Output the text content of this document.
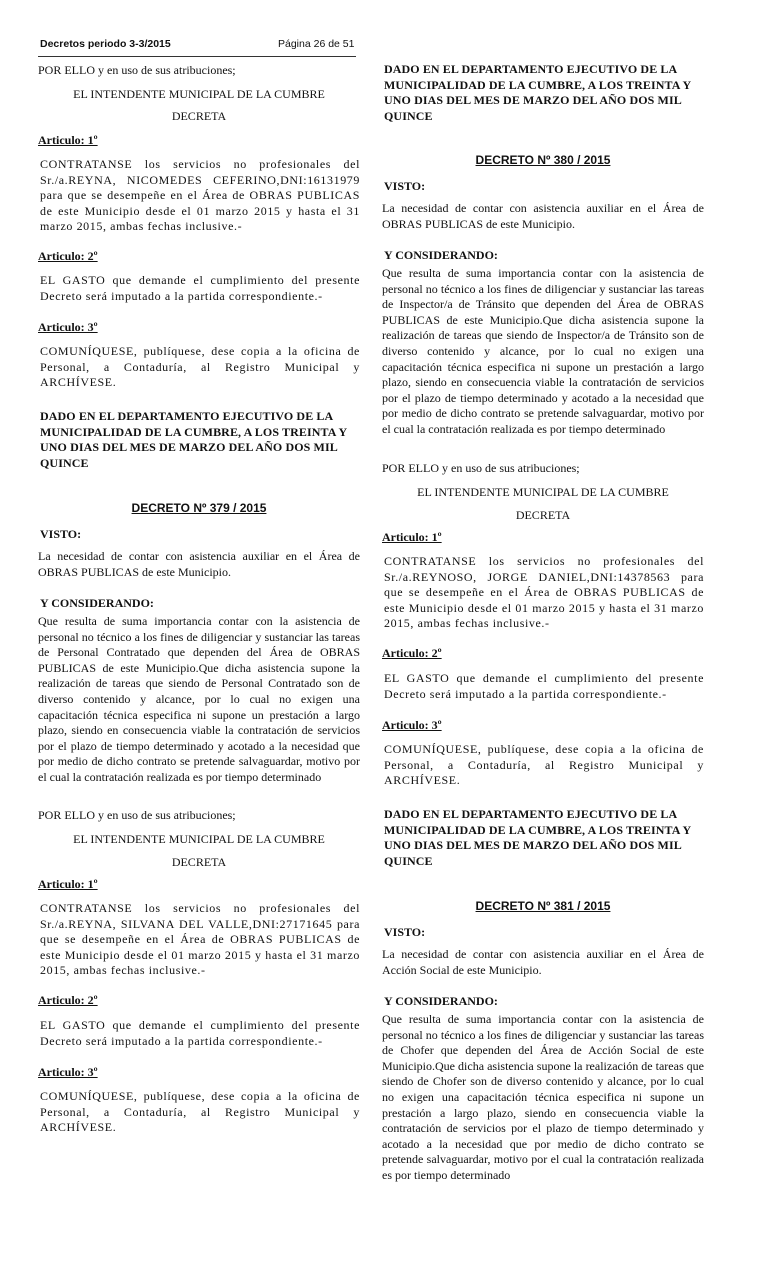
Decretos periodo 3-3/2015	Página 26 de 51

POR ELLO y en uso de sus atribuciones;

EL INTENDENTE MUNICIPAL DE LA CUMBRE

DECRETA

Articulo: 1º

CONTRATANSE los servicios no profesionales del Sr./a.REYNA, NICOMEDES CEFERINO,DNI:16131979 para que se desempeñe en el Área de OBRAS PUBLICAS de este Municipio desde el 01 marzo 2015 y hasta el 31 marzo 2015, ambas fechas inclusive.-

Articulo: 2º

EL GASTO que demande el cumplimiento del presente Decreto será imputado a la partida correspondiente.-

Articulo: 3º

COMUNÍQUESE, publíquese, dese copia a la oficina de Personal, a Contaduría, al Registro Municipal y ARCHÍVESE.

DADO EN EL DEPARTAMENTO EJECUTIVO DE LA MUNICIPALIDAD DE LA CUMBRE, A LOS TREINTA Y UNO DIAS DEL MES DE MARZO DEL AÑO DOS MIL QUINCE

DECRETO Nº 379 / 2015

VISTO:

La necesidad de contar con asistencia auxiliar en el Área de OBRAS PUBLICAS de este Municipio.

Y CONSIDERANDO:

Que resulta de suma importancia contar con la asistencia de personal no técnico a los fines de diligenciar y sustanciar las tareas de Personal Contratado que dependen del Área de OBRAS PUBLICAS de este Municipio.Que dicha asistencia supone la realización de tareas que siendo de Personal Contratado son de diverso contenido y alcance, por lo cual no exigen una capacitación técnica especifica ni supone un prestación a largo plazo, siendo en consecuencia viable la contratación de servicios por el plazo de tiempo determinado y acotado a la necesidad que por medio de dicho contrato se pretende salvaguardar, motivo por el cual la contratación realizada es por tiempo determinado

POR ELLO y en uso de sus atribuciones;

EL INTENDENTE MUNICIPAL DE LA CUMBRE

DECRETA

Articulo: 1º

CONTRATANSE los servicios no profesionales del Sr./a.REYNA, SILVANA DEL VALLE,DNI:27171645 para que se desempeñe en el Área de OBRAS PUBLICAS de este Municipio desde el 01 marzo 2015 y hasta el 31 marzo 2015, ambas fechas inclusive.-

Articulo: 2º

EL GASTO que demande el cumplimiento del presente Decreto será imputado a la partida correspondiente.-

Articulo: 3º

COMUNÍQUESE, publíquese, dese copia a la oficina de Personal, a Contaduría, al Registro Municipal y ARCHÍVESE.

DADO EN EL DEPARTAMENTO EJECUTIVO DE LA MUNICIPALIDAD DE LA CUMBRE, A LOS TREINTA Y UNO DIAS DEL MES DE MARZO DEL AÑO DOS MIL QUINCE

DECRETO Nº 380 / 2015

VISTO:

La necesidad de contar con asistencia auxiliar en el Área de OBRAS PUBLICAS de este Municipio.

Y CONSIDERANDO:

Que resulta de suma importancia contar con la asistencia de personal no técnico a los fines de diligenciar y sustanciar las tareas de Inspector/a de Tránsito que dependen del Área de OBRAS PUBLICAS de este Municipio.Que dicha asistencia supone la realización de tareas que siendo de Inspector/a de Tránsito son de diverso contenido y alcance, por lo cual no exigen una capacitación técnica especifica ni supone un prestación a largo plazo, siendo en consecuencia viable la contratación de servicios por el plazo de tiempo determinado y acotado a la necesidad que por medio de dicho contrato se pretende salvaguardar, motivo por el cual la contratación realizada es por tiempo determinado

POR ELLO y en uso de sus atribuciones;

EL INTENDENTE MUNICIPAL DE LA CUMBRE

DECRETA

Articulo: 1º

CONTRATANSE los servicios no profesionales del Sr./a.REYNOSO, JORGE DANIEL,DNI:14378563 para que se desempeñe en el Área de OBRAS PUBLICAS de este Municipio desde el 01 marzo 2015 y hasta el 31 marzo 2015, ambas fechas inclusive.-

Articulo: 2º

EL GASTO que demande el cumplimiento del presente Decreto será imputado a la partida correspondiente.-

Articulo: 3º

COMUNÍQUESE, publíquese, dese copia a la oficina de Personal, a Contaduría, al Registro Municipal y ARCHÍVESE.

DADO EN EL DEPARTAMENTO EJECUTIVO DE LA MUNICIPALIDAD DE LA CUMBRE, A LOS TREINTA Y UNO DIAS DEL MES DE MARZO DEL AÑO DOS MIL QUINCE

DECRETO Nº 381 / 2015

VISTO:

La necesidad de contar con asistencia auxiliar en el Área de Acción Social de este Municipio.

Y CONSIDERANDO:

Que resulta de suma importancia contar con la asistencia de personal no técnico a los fines de diligenciar y sustanciar las tareas de Chofer que dependen del Área de Acción Social de este Municipio.Que dicha asistencia supone la realización de tareas que siendo de Chofer son de diverso contenido y alcance, por lo cual no exigen una capacitación técnica especifica ni supone un prestación a largo plazo, siendo en consecuencia viable la contratación de servicios por el plazo de tiempo determinado y acotado a la necesidad que por medio de dicho contrato se pretende salvaguardar, motivo por el cual la contratación realizada es por tiempo determinado
